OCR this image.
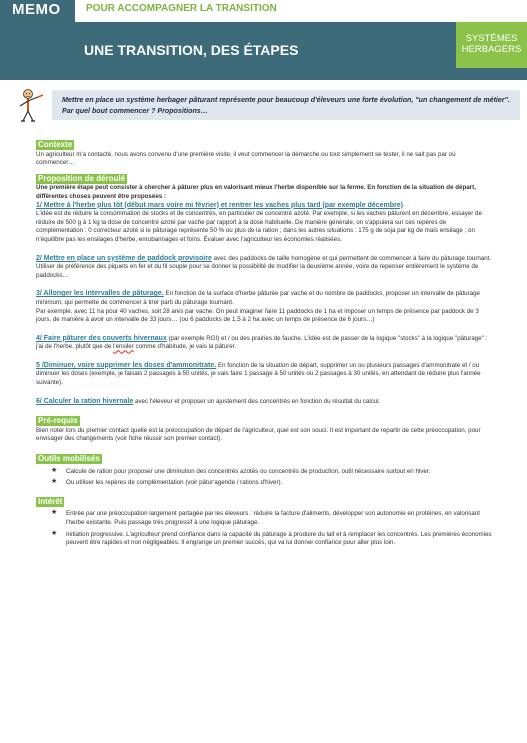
MEMO	POUR ACCOMPAGNER LA TRANSITION
UNE TRANSITION, DES ÉTAPES
SYSTÈMES
HERBAGERS
Mettre en place un système herbager pâturant représente pour beaucoup d'éleveurs une forte évolution, "un changement de métier". Par quel bout commencer ? Propositions…
Contexte

Un agriculteur m'a contacté, nous avons convenu d'une première visite, il veut commencer la démarche ou tout simplement se tester, il ne sait pas par où commencer…

Proposition de déroulé

Une première étape peut consister à chercher à pâturer plus en valorisant mieux l'herbe disponible sur la ferme. En fonction de la situation de départ, différentes choses peuvent être proposées :

1/ Mettre à l'herbe plus tôt (début mars voire mi février) et rentrer les vaches plus tard (par exemple décembre).

L'idée est de réduire la consommation de stocks et de concentrés, en particulier de concentré azoté. Par exemple, si les vaches pâturent en décembre, essayer de réduire de 500 g à 1 kg la dose de concentré azoté par vache par rapport à la dose habituelle. De manière générale, on s'appuiera sur ces repères de complémentation : 0 correcteur azoté si le pâturage représente 50 % ou plus de la ration ; dans les autres situations : 175 g de soja par kg de maïs ensilage ; on n'équilibre pas les ensilages d'herbe, enrubannages et foins. Évaluer avec l'agriculteur les économies réalisées.

2/ Mettre en place un système de paddock provisoire avec des paddocks de taille homogène et qui permettent de commencer à faire du pâturage tournant. Utiliser de préférence des piquets en fer et du fil souple pour se donner la possibilité de modifier la deuxième année, voire de repenser entièrement le système de paddocks…

3/ Allonger les intervalles de pâturage. En fonction de la surface d'herbe pâturée par vache et du nombre de paddocks, proposer un intervalle de pâturage minimum, qui permette de commencer à tirer parti du pâturage tournant.

Par exemple, avec 11 ha pour 40 vaches, soit 28 ares par vache. On peut imaginer faire 11 paddocks de 1 ha et imposer un temps de présence par paddock de 3 jours, de manière à avoir un intervalle de 33 jours… (ou 6 paddocks de 1.5 à 2 ha avec un temps de présence de 6 jours…)

4/ Faire pâturer des couverts hivernaux (par exemple RGI) et / ou des prairies de fauche. L'idée est de passer de la logique "stocks" à la logique "pâturage" : j'ai de l'herbe, plutôt que de l'ensiler comme d'habitude, je vais la pâturer.

5 /Diminuer, voire supprimer les doses d'ammonitrate. En fonction de la situation de départ, supprimer un ou plusieurs passages d'ammonitrate et / ou diminuer les doses (exemple, je faisais 2 passages à 50 unités, je vais faire 1 passage à 50 unités ou 2 passages à 30 unités, en attendant de réduire plus l'année suivante).

6/ Calculer la ration hivernale avec l'éleveur et proposer un ajustement des concentrés en fonction du résultat du calcul.

Pré-requis

Bien noter lors du premier contact quelle est la préoccupation de départ de l'agriculteur, quel est son souci. Il est important de repartir de cette préoccupation, pour envisager des changements (voir fiche réussir son premier contact).

Outils mobilisés
★ Calcule de ration pour proposer une diminution des concentrés azotés ou concentrés de production, outil nécessaire surtout en hiver.
★ Ou utiliser les repères de complémentation (voir pâtur'agende / rations d'hiver).
Intérêt
★ Entrée par une préoccupation largement partagée par les éleveurs : réduire la facture d'aliments, développer son autonomie en protéines, en valorisant l'herbe existante. Puis passage très progressif à une logique pâturage.
★ Initiation progressive. L'agriculteur prend confiance dans la capacité du pâturage à produire du lait et à remplacer les concentrés. Les premières économies peuvent être rapides et non négligeables. Il engrange un premier succès, qui va lui donner confiance pour aller plus loin.
